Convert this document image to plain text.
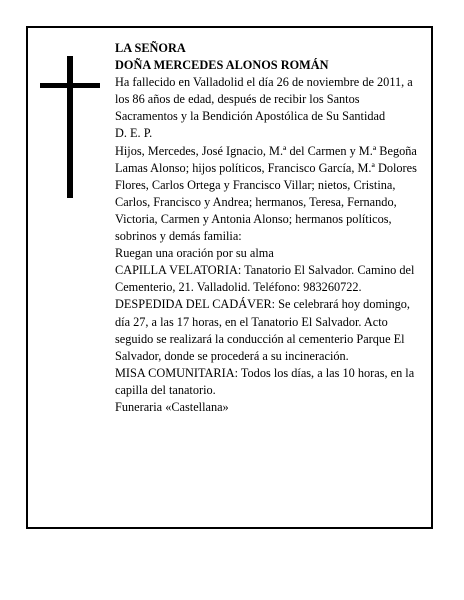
LA SEÑORA

DOÑA MERCEDES ALONOS ROMÁN

Ha fallecido en Valladolid el día 26 de noviembre de 2011, a los 86 años de edad, después de recibir los Santos Sacramentos y la Bendición Apostólica de Su Santidad

D. E. P.

Hijos, Mercedes, José Ignacio, M.ª del Carmen y M.ª Begoña Lamas Alonso; hijos políticos, Francisco García, M.ª Dolores Flores, Carlos Ortega y Francisco Villar; nietos, Cristina, Carlos, Francisco y Andrea; hermanos, Teresa, Fernando, Victoria, Carmen y Antonia Alonso; hermanos políticos, sobrinos y demás familia:

Ruegan una oración por su alma

CAPILLA VELATORIA: Tanatorio El Salvador. Camino del Cementerio, 21. Valladolid. Teléfono: 983260722.

DESPEDIDA DEL CADÁVER: Se celebrará hoy domingo, día 27, a las 17 horas, en el Tanatorio El Salvador. Acto seguido se realizará la conducción al cementerio Parque El Salvador, donde se procederá a su incineración.

MISA COMUNITARIA: Todos los días, a las 10 horas, en la capilla del tanatorio.

Funeraria «Castellana»
